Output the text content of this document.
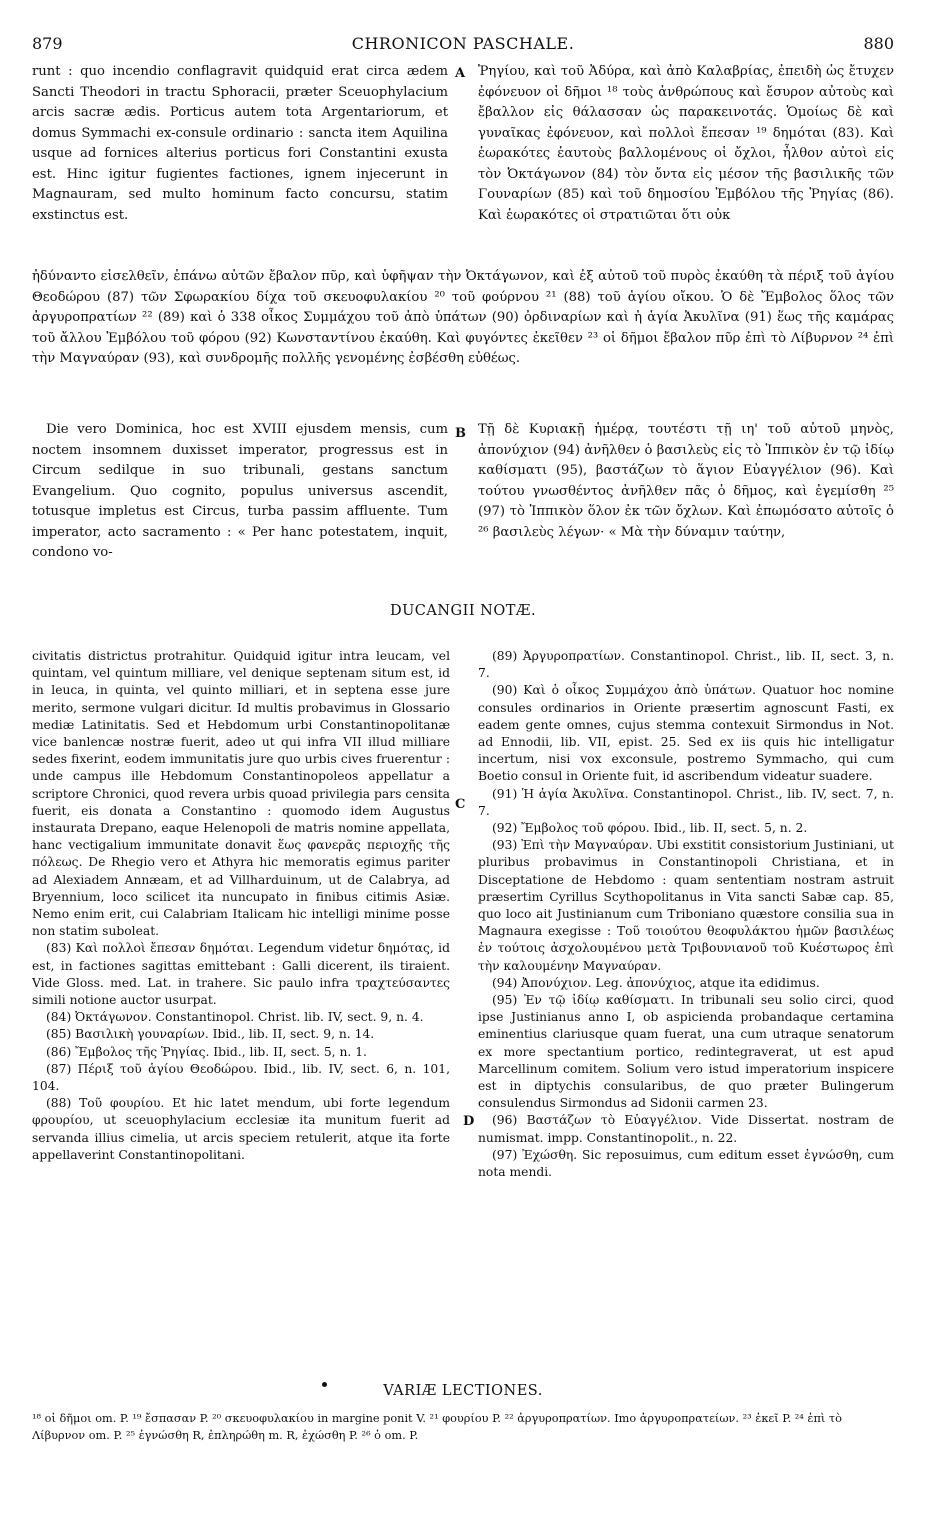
879	CHRONICON PASCHALE.	880

runt : quo incendio conflagravit quidquid erat circa ædem Sancti Theodori in tractu Sphoracii, præter Sceuophylacium arcis sacræ ædis. Porticus autem tota Argentariorum, et domus Symmachi ex-consule ordinario : sancta item Aquilina usque ad fornices alterius porticus fori Constantini exusta est. Hinc igitur fugientes factiones, ignem injecerunt in Magnauram, sed multo hominum facto concursu, statim exstinctus est.

A Ῥηγίου, καὶ τοῦ Ἀδύρα, καὶ ἀπὸ Καλαβρίας, ἐπειδὴ ὡς ἔτυχεν ἐφόνευον οἱ δῆμοι ¹⁸ τοὺς ἀνθρώπους καὶ ἔσυρον αὐτοὺς καὶ ἔβαλλον εἰς θάλασσαν ὡς παρακεινοτάς. Ὁμοίως δὲ καὶ γυναῖκας ἐφόνευον, καὶ πολλοὶ ἔπεσαν ¹⁹ δημόται (83). Καὶ ἑωρακότες ἑαυτοὺς βαλλομένους οἱ ὄχλοι, ἦλθον αὐτοὶ εἰς τὸν Ὀκτάγωνον (84) τὸν ὄντα εἰς μέσον τῆς βασιλικῆς τῶν Γουναρίων (85) καὶ τοῦ δημοσίου Ἐμβόλου τῆς Ῥηγίας (86). Καὶ ἑωρακότες οἱ στρατιῶται ὅτι οὐκ

ἠδύναντο εἰσελθεῖν, ἐπάνω αὐτῶν ἔβαλον πῦρ, καὶ ὑφῆψαν τὴν Ὀκτάγωνον, καὶ ἐξ αὐτοῦ τοῦ πυρὸς ἐκαύθη τὰ πέριξ τοῦ ἁγίου Θεοδώρου (87) τῶν Σφωρακίου δίχα τοῦ σκευοφυλακίου ²⁰ τοῦ φούρνου ²¹ (88) τοῦ ἁγίου οἴκου. Ὁ δὲ Ἔμβολος ὅλος τῶν ἀργυροπρατίων ²² (89) καὶ ὁ 338 οἶκος Συμμάχου τοῦ ἀπὸ ὑπάτων (90) ὀρδιναρίων καὶ ἡ ἁγία Ἀκυλῖνα (91) ἕως τῆς καμάρας τοῦ ἄλλου Ἐμβόλου τοῦ φόρου (92) Κωνσταντίνου ἐκαύθη. Καὶ φυγόντες ἐκεῖθεν ²³ οἱ δῆμοι ἔβαλον πῦρ ἐπὶ τὸ Λίβυρνον ²⁴ ἐπὶ τὴν Μαγναύραν (93), καὶ συνδρομῆς πολλῆς γενομένης ἐσβέσθη εὐθέως.

Die vero Dominica, hoc est XVIII ejusdem mensis, cum noctem insomnem duxisset imperator, progressus est in Circum sedilque in suo tribunali, gestans sanctum Evangelium. Quo cognito, populus universus ascendit, totusque impletus est Circus, turba passim affluente. Tum imperator, acto sacramento : « Per hanc potestatem, inquit, condono vo-

B Τῇ δὲ Κυριακῇ ἡμέρᾳ, τουτέστι τῇ ιη' τοῦ αὐτοῦ μηνὸς, ἀπονύχιον (94) ἀνῆλθεν ὁ βασιλεὺς εἰς τὸ Ἱππικὸν ἐν τῷ ἰδίῳ καθίσματι (95), βαστάζων τὸ ἅγιον Εὐαγγέλιον (96). Καὶ τούτου γνωσθέντος ἀνῆλθεν πᾶς ὁ δῆμος, καὶ ἐγεμίσθη ²⁵ (97) τὸ Ἱππικὸν ὅλον ἐκ τῶν ὄχλων. Καὶ ἐπωμόσατο αὐτοῖς ὁ ²⁶ βασιλεὺς λέγων· « Μὰ τὴν δύναμιν ταύτην,

DUCANGII NOTÆ.

civitatis districtus protrahitur. Quidquid igitur intra leucam, vel quintam, vel quintum milliare, vel denique septenam situm est, id in leuca, in quinta, vel quinto milliari, et in septena esse jure merito, sermone vulgari dicitur. Id multis probavimus in Glossario mediæ Latinitatis. Sed et Hebdomum urbi Constantinopolitanæ vice banlencæ nostræ fuerit, adeo ut qui infra VII illud milliare sedes fixerint, eodem immunitatis jure quo urbis cives fruerentur : unde campus ille Hebdomum Constantinopoleos appellatur a scriptore Chronici, quod revera urbis quoad privilegia pars censita fuerit, eis donata a Constantino : quomodo idem Augustus instaurata Drepano, eaque Helenopoli de matris nomine appellata, hanc vectigalium immunitate donavit ἕως φανερᾶς περιοχῆς τῆς πόλεως. De Rhegio vero et Athyra hic memoratis egimus pariter ad Alexiadem Annæam, et ad Villharduinum, ut de Calabrya, ad Bryennium, loco scilicet ita nuncupato in finibus citimis Asiæ. Nemo enim erit, cui Calabriam Italicam hic intelligi minime posse non statim suboleat.

(83) Καὶ πολλοὶ ἔπεσαν δημόται. Legendum videtur δημότας, id est, in factiones sagittas emittebant : Galli dicerent, ils tiraient. Vide Gloss. med. Lat. in trahere. Sic paulo infra τραχτεύσαντες simili notione auctor usurpat.

(84) Ὀκτάγωνον. Constantinopol. Christ. lib. IV, sect. 9, n. 4.

(85) Βασιλικὴ γουναρίων. Ibid., lib. II, sect. 9, n. 14.

(86) Ἔμβολος τῆς Ῥηγίας. Ibid., lib. II, sect. 5, n. 1.

(87) Πέριξ τοῦ ἁγίου Θεοδώρου. Ibid., lib. IV, sect. 6, n. 101, 104.

(88) Τοῦ φουρίου. Et hic latet mendum, ubi forte legendum φρουρίου, ut sceuophylacium ecclesiæ ita munitum fuerit ad servanda illius cimelia, ut arcis speciem retulerit, atque ita forte appellaverint Constantinopolitani.

C
D

(89) Ἀργυροπρατίων. Constantinopol. Christ., lib. II, sect. 3, n. 7.

(90) Καὶ ὁ οἶκος Συμμάχου ἀπὸ ὑπάτων. Quatuor hoc nomine consules ordinarios in Oriente præsertim agnoscunt Fasti, ex eadem gente omnes, cujus stemma contexuit Sirmondus in Not. ad Ennodii, lib. VII, epist. 25. Sed ex iis quis hic intelligatur incertum, nisi vox exconsule, postremo Symmacho, qui cum Boetio consul in Oriente fuit, id ascribendum videatur suadere.

(91) Ἡ ἁγία Ἀκυλῖνα. Constantinopol. Christ., lib. IV, sect. 7, n. 7.

(92) Ἔμβολος τοῦ φόρου. Ibid., lib. II, sect. 5, n. 2.

(93) Ἐπὶ τὴν Μαγναύραν. Ubi exstitit consistorium Justiniani, ut pluribus probavimus in Constantinopoli Christiana, et in Disceptatione de Hebdomo : quam sententiam nostram astruit præsertim Cyrillus Scythopolitanus in Vita sancti Sabæ cap. 85, quo loco ait Justinianum cum Triboniano quæstore consilia sua in Magnaura exegisse : Τοῦ τοιούτου θεοφυλάκτου ἡμῶν βασιλέως ἐν τούτοις ἀσχολουμένου μετὰ Τριβουνιανοῦ τοῦ Κυέστωρος ἐπὶ τὴν καλουμένην Μαγναύραν.

(94) Ἀπονύχιον. Leg. ἀπονύχιος, atque ita edidimus.

(95) Ἐν τῷ ἰδίῳ καθίσματι. In tribunali seu solio circi, quod ipse Justinianus anno I, ob aspicienda probandaque certamina eminentius clariusque quam fuerat, una cum utraque senatorum ex more spectantium portico, redintegraverat, ut est apud Marcellinum comitem. Solium vero istud imperatorium inspicere est in diptychis consularibus, de quo præter Bulingerum consulendus Sirmondus ad Sidonii carmen 23.

(96) Βαστάζων τὸ Εὐαγγέλιον. Vide Dissertat. nostram de numismat. impp. Constantinopolit., n. 22.

(97) Ἐχώσθη. Sic reposuimus, cum editum esset ἐγνώσθη, cum nota mendi.

VARIÆ LECTIONES.

¹⁸ οἱ δῆμοι om. P. ¹⁹ ἔσπασαν P. ²⁰ σκευοφυλακίου in margine ponit V. ²¹ φουρίου P. ²² ἀργυροπρατίων. Imo ἀργυροπρατείων. ²³ ἐκεῖ P. ²⁴ ἐπὶ τὸ Λίβυρνον om. P. ²⁵ ἐγνώσθη R, ἐπληρώθη m. R, ἐχώσθη P. ²⁶ ὁ om. P.
